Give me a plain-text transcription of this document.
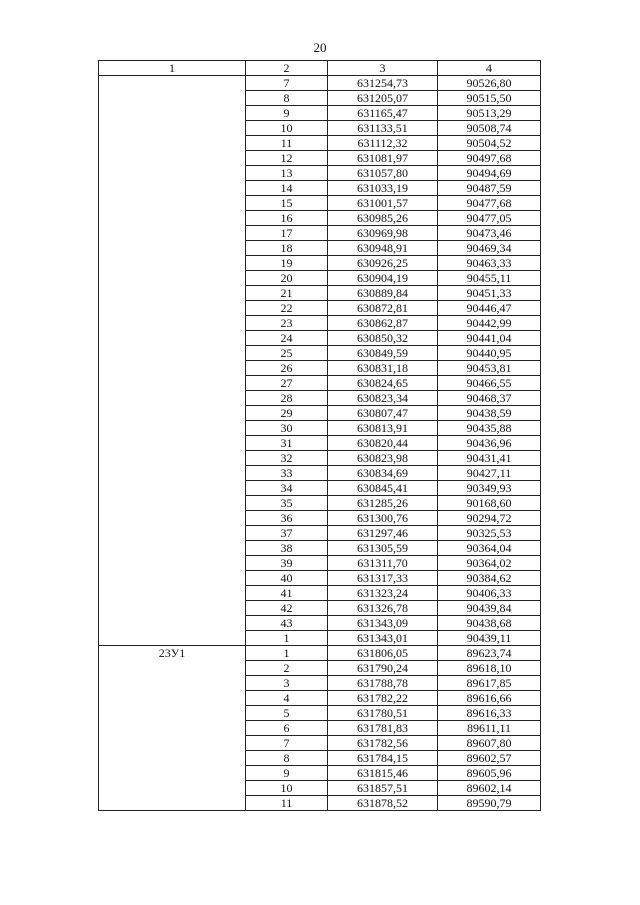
20
1	2	3	4
	7	631254,73	90526,80
	8	631205,07	90515,50
	9	631165,47	90513,29
	10	631133,51	90508,74
	11	631112,32	90504,52
	12	631081,97	90497,68
	13	631057,80	90494,69
	14	631033,19	90487,59
	15	631001,57	90477,68
	16	630985,26	90477,05
	17	630969,98	90473,46
	18	630948,91	90469,34
	19	630926,25	90463,33
	20	630904,19	90455,11
	21	630889,84	90451,33
	22	630872,81	90446,47
	23	630862,87	90442,99
	24	630850,32	90441,04
	25	630849,59	90440,95
	26	630831,18	90453,81
	27	630824,65	90466,55
	28	630823,34	90468,37
	29	630807,47	90438,59
	30	630813,91	90435,88
	31	630820,44	90436,96
	32	630823,98	90431,41
	33	630834,69	90427,11
	34	630845,41	90349,93
	35	631285,26	90168,60
	36	631300,76	90294,72
	37	631297,46	90325,53
	38	631305,59	90364,04
	39	631311,70	90364,02
	40	631317,33	90384,62
	41	631323,24	90406,33
	42	631326,78	90439,84
	43	631343,09	90438,68
	1	631343,01	90439,11
23У1	1	631806,05	89623,74
	2	631790,24	89618,10
	3	631788,78	89617,85
	4	631782,22	89616,66
	5	631780,51	89616,33
	6	631781,83	89611,11
	7	631782,56	89607,80
	8	631784,15	89602,57
	9	631815,46	89605,96
	10	631857,51	89602,14
	11	631878,52	89590,79
